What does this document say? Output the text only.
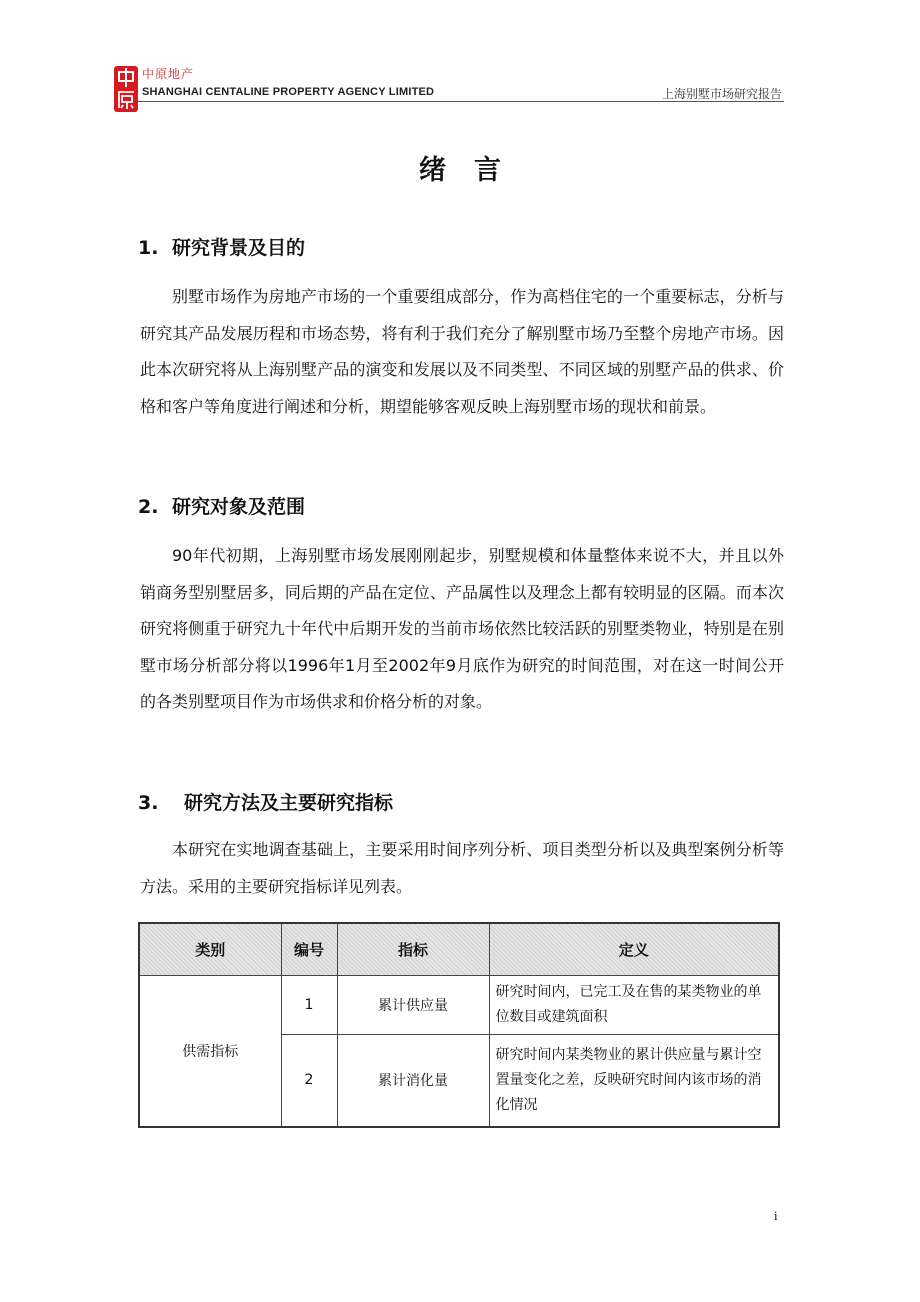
中原地产
SHANGHAI CENTALINE PROPERTY AGENCY LIMITED	上海别墅市场研究报告
绪言
1. 研究背景及目的

别墅市场作为房地产市场的一个重要组成部分，作为高档住宅的一个重要标志，分析与研究其产品发展历程和市场态势，将有利于我们充分了解别墅市场乃至整个房地产市场。因此本次研究将从上海别墅产品的演变和发展以及不同类型、不同区域的别墅产品的供求、价格和客户等角度进行阐述和分析，期望能够客观反映上海别墅市场的现状和前景。

2. 研究对象及范围

90年代初期，上海别墅市场发展刚刚起步，别墅规模和体量整体来说不大，并且以外销商务型别墅居多，同后期的产品在定位、产品属性以及理念上都有较明显的区隔。而本次研究将侧重于研究九十年代中后期开发的当前市场依然比较活跃的别墅类物业，特别是在别墅市场分析部分将以1996年1月至2002年9月底作为研究的时间范围，对在这一时间公开的各类别墅项目作为市场供求和价格分析的对象。

3. 研究方法及主要研究指标

本研究在实地调查基础上，主要采用时间序列分析、项目类型分析以及典型案例分析等方法。采用的主要研究指标详见列表。

类别	编号	指标	定义
供需指标	1	累计供应量	研究时间内，已完工及在售的某类物业的单位数目或建筑面积
	2	累计消化量	研究时间内某类物业的累计供应量与累计空置量变化之差，反映研究时间内该市场的消化情况
i
